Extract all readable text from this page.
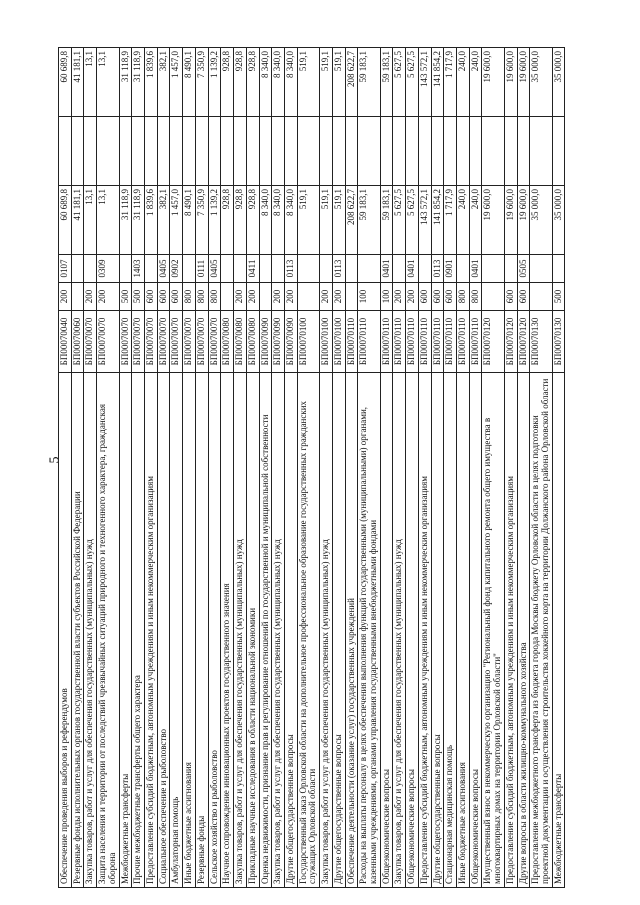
5
Обеспечение проведения выборов и референдумов	БП00070040	200	0107	60 689,8		60 689,8
Резервные фонды исполнительных органов государственной власти субъектов Российской Федерации	БП00070060			41 181,1		41 181,1
Закупка товаров, работ и услуг для обеспечения государственных (муниципальных) нужд	БП00070070	200		13,1		13,1
Защита населения и территории от последствий чрезвычайных ситуаций природного и техногенного характера, гражданская оборона	БП00070070	200	0309	13,1		13,1
Межбюджетные трансферты	БП00070070	500		31 118,9		31 118,9
Прочие межбюджетные трансферты общего характера	БП00070070	500	1403	31 118,9		31 118,9
Предоставление субсидий бюджетным, автономным учреждениям и иным некоммерческим организациям	БП00070070	600		1 839,6		1 839,6
Социальное обеспечение и рыболовство	БП00070070	600	0405	382,1		382,1
Амбулаторная помощь	БП00070070	600	0902	1 457,0		1 457,0
Иные бюджетные ассигнования	БП00070070	800		8 490,1		8 490,1
Резервные фонды	БП00070070	800	0111	7 350,9		7 350,9
Сельское хозяйство и рыболовство	БП00070070	800	0405	1 139,2		1 139,2
Научное сопровождение инновационных проектов государственного значения	БП00070080			928,8		928,8
Закупка товаров, работ и услуг для обеспечения государственных (муниципальных) нужд	БП00070080	200		928,8		928,8
Прикладные научные исследования в области национальной экономики	БП00070080	200	0411	928,8		928,8
Оценка недвижимости, признание прав и регулирование отношений по государственной и муниципальной собственности	БП00070090			8 340,0		8 340,0
Закупка товаров, работ и услуг для обеспечения государственных (муниципальных) нужд	БП00070090	200		8 340,0		8 340,0
Другие общегосударственные вопросы	БП00070090	200	0113	8 340,0		8 340,0
Государственный заказ Орловской области на дополнительное профессиональное образование государственных гражданских служащих Орловской области	БП00070100			519,1		519,1
Закупка товаров, работ и услуг для обеспечения государственных (муниципальных) нужд	БП00070100	200		519,1		519,1
Другие общегосударственные вопросы	БП00070100	200	0113	519,1		519,1
Обеспечение деятельности (оказание услуг) государственных учреждений	БП00070110			208 622,7		208 622,7
Расходы на выплаты персоналу в целях обеспечения выполнения функций государственными (муниципальными) органами, казенными учреждениями, органами управления государственными внебюджетными фондами	БП00070110	100		59 183,1		59 183,1
Общеэкономические вопросы	БП00070110	100	0401	59 183,1		59 183,1
Закупка товаров, работ и услуг для обеспечения государственных (муниципальных) нужд	БП00070110	200		5 627,5		5 627,5
Общеэкономические вопросы	БП00070110	200	0401	5 627,5		5 627,5
Предоставление субсидий бюджетным, автономным учреждениям и иным некоммерческим организациям	БП00070110	600		143 572,1		143 572,1
Другие общегосударственные вопросы	БП00070110	600	0113	141 854,2		141 854,2
Стационарная медицинская помощь	БП00070110	600	0901	1 717,9		1 717,9
Иные бюджетные ассигнования	БП00070110	800		240,0		240,0
Общеэкономические вопросы	БП00070110	800	0401	240,0		240,0
Имущественный взнос в некоммерческую организацию "Региональный фонд капитального ремонта общего имущества в многоквартирных домах на территории Орловской области"	БП00070120			19 600,0		19 600,0
Предоставление субсидий бюджетным, автономным учреждениям и иным некоммерческим организациям	БП00070120	600		19 600,0		19 600,0
Другие вопросы в области жилищно-коммунального хозяйства	БП00070120	600	0505	19 600,0		19 600,0
Предоставление межбюджетного трансферта из бюджета города Москвы бюджету Орловской области в целях подготовки проектной документации и осуществления строительства хоккейного корта на территории Должанского района Орловской области	БП00070130			35 000,0		35 000,0
Межбюджетные трансферты	БП00070130	500		35 000,0		35 000,0
